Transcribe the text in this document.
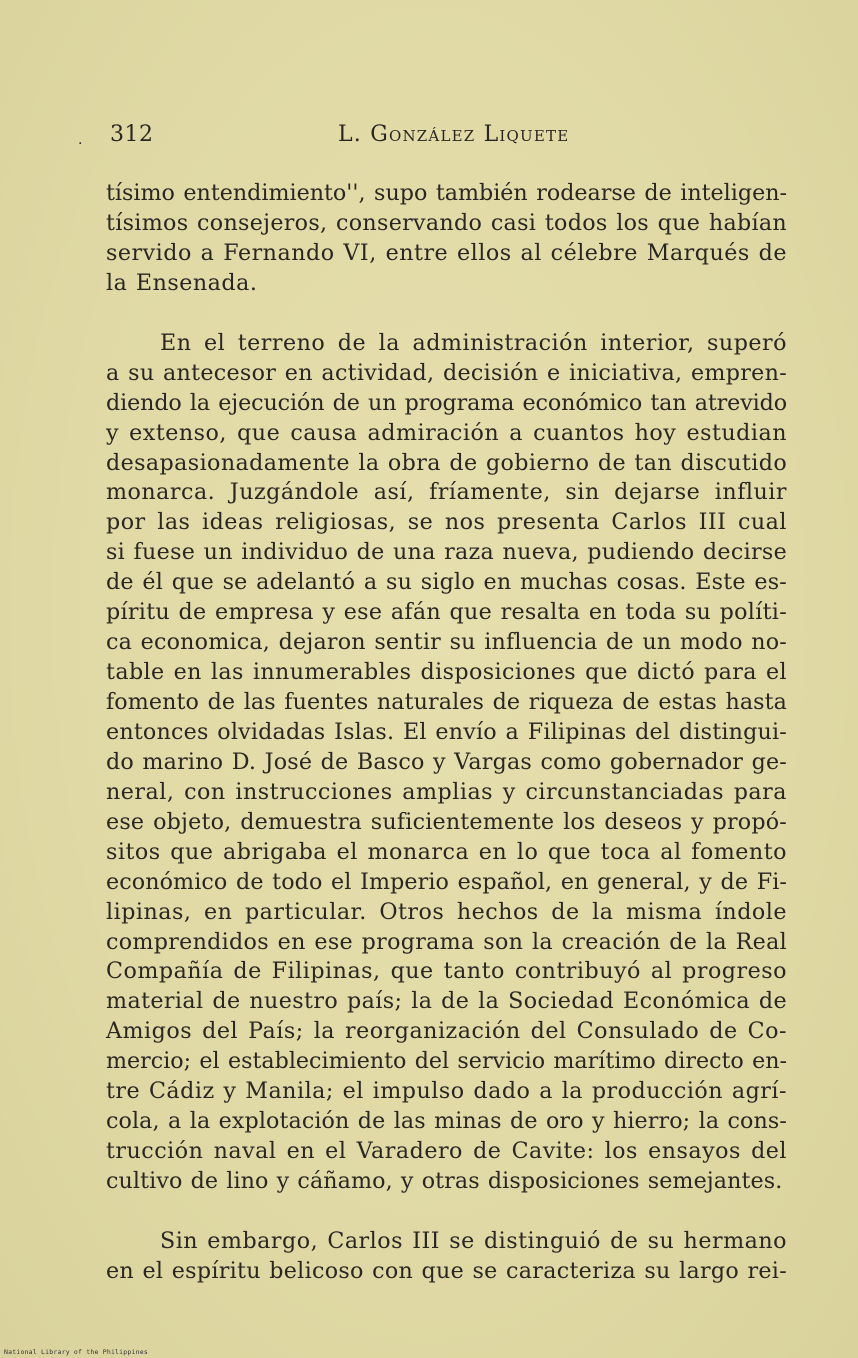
. 312	L. González Liquete
tísimo entendimiento'', supo también rodearse de inteligen-
tísimos consejeros, conservando casi todos los que habían
servido a Fernando VI, entre ellos al célebre Marqués de
la Ensenada.
En el terreno de la administración interior, superó
a su antecesor en actividad, decisión e iniciativa, empren-
diendo la ejecución de un programa económico tan atrevido
y extenso, que causa admiración a cuantos hoy estudian
desapasionadamente la obra de gobierno de tan discutido
monarca. Juzgándole así, fríamente, sin dejarse influir
por las ideas religiosas, se nos presenta Carlos III cual
si fuese un individuo de una raza nueva, pudiendo decirse
de él que se adelantó a su siglo en muchas cosas. Este es-
píritu de empresa y ese afán que resalta en toda su políti-
ca economica, dejaron sentir su influencia de un modo no-
table en las innumerables disposiciones que dictó para el
fomento de las fuentes naturales de riqueza de estas hasta
entonces olvidadas Islas. El envío a Filipinas del distingui-
do marino D. José de Basco y Vargas como gobernador ge-
neral, con instrucciones amplias y circunstanciadas para
ese objeto, demuestra suficientemente los deseos y propó-
sitos que abrigaba el monarca en lo que toca al fomento
económico de todo el Imperio español, en general, y de Fi-
lipinas, en particular. Otros hechos de la misma índole
comprendidos en ese programa son la creación de la Real
Compañía de Filipinas, que tanto contribuyó al progreso
material de nuestro país; la de la Sociedad Económica de
Amigos del País; la reorganización del Consulado de Co-
mercio; el establecimiento del servicio marítimo directo en-
tre Cádiz y Manila; el impulso dado a la producción agrí-
cola, a la explotación de las minas de oro y hierro; la cons-
trucción naval en el Varadero de Cavite: los ensayos del
cultivo de lino y cáñamo, y otras disposiciones semejantes.
Sin embargo, Carlos III se distinguió de su hermano
en el espíritu belicoso con que se caracteriza su largo rei-
National Library of the Philippines
